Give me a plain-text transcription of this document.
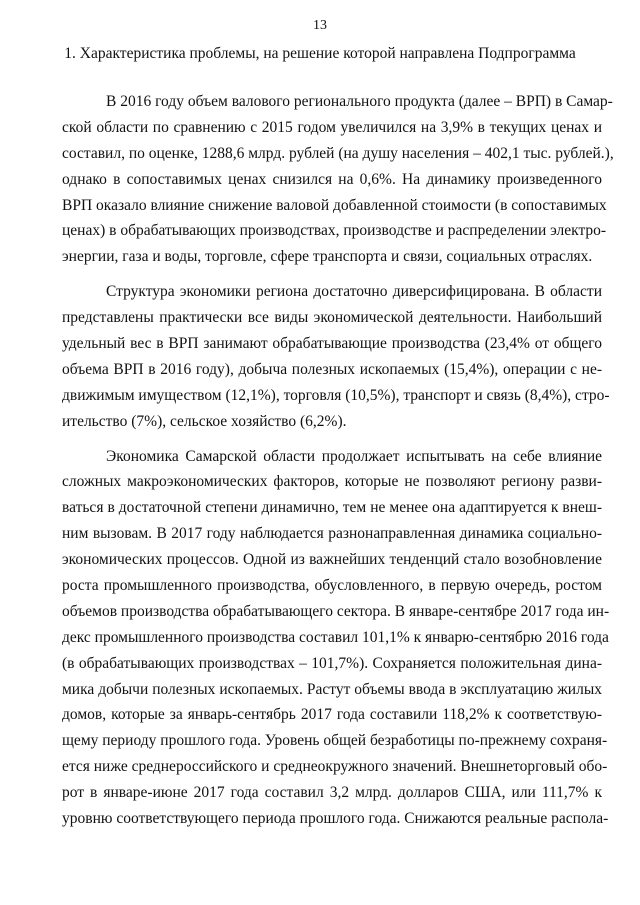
13
1. Характеристика проблемы, на решение которой направлена Подпрограмма
В 2016 году объем валового регионального продукта (далее – ВРП) в Самар-
ской области по сравнению с 2015 годом увеличился на 3,9% в текущих ценах и
составил, по оценке, 1288,6 млрд. рублей (на душу населения – 402,1 тыс. рублей.),
однако в сопоставимых ценах снизился на 0,6%. На динамику произведенного
ВРП оказало влияние снижение валовой добавленной стоимости (в сопоставимых
ценах) в обрабатывающих производствах, производстве и распределении электро-
энергии, газа и воды, торговле, сфере транспорта и связи, социальных отраслях.
Структура экономики региона достаточно диверсифицирована. В области
представлены практически все виды экономической деятельности. Наибольший
удельный вес в ВРП занимают обрабатывающие производства (23,4% от общего
объема ВРП в 2016 году), добыча полезных ископаемых (15,4%), операции с не-
движимым имуществом (12,1%), торговля (10,5%), транспорт и связь (8,4%), стро-
ительство (7%), сельское хозяйство (6,2%).
Экономика Самарской области продолжает испытывать на себе влияние
сложных макроэкономических факторов, которые не позволяют региону разви-
ваться в достаточной степени динамично, тем не менее она адаптируется к внеш-
ним вызовам. В 2017 году наблюдается разнонаправленная динамика социально-
экономических процессов. Одной из важнейших тенденций стало возобновление
роста промышленного производства, обусловленного, в первую очередь, ростом
объемов производства обрабатывающего сектора. В январе-сентябре 2017 года ин-
декс промышленного производства составил 101,1% к январю-сентябрю 2016 года
(в обрабатывающих производствах – 101,7%). Сохраняется положительная дина-
мика добычи полезных ископаемых. Растут объемы ввода в эксплуатацию жилых
домов, которые за январь-сентябрь 2017 года составили 118,2% к соответствую-
щему периоду прошлого года. Уровень общей безработицы по-прежнему сохраня-
ется ниже среднероссийского и среднеокружного значений. Внешнеторговый обо-
рот в январе-июне 2017 года составил 3,2 млрд. долларов США, или 111,7% к
уровню соответствующего периода прошлого года. Снижаются реальные распола-
